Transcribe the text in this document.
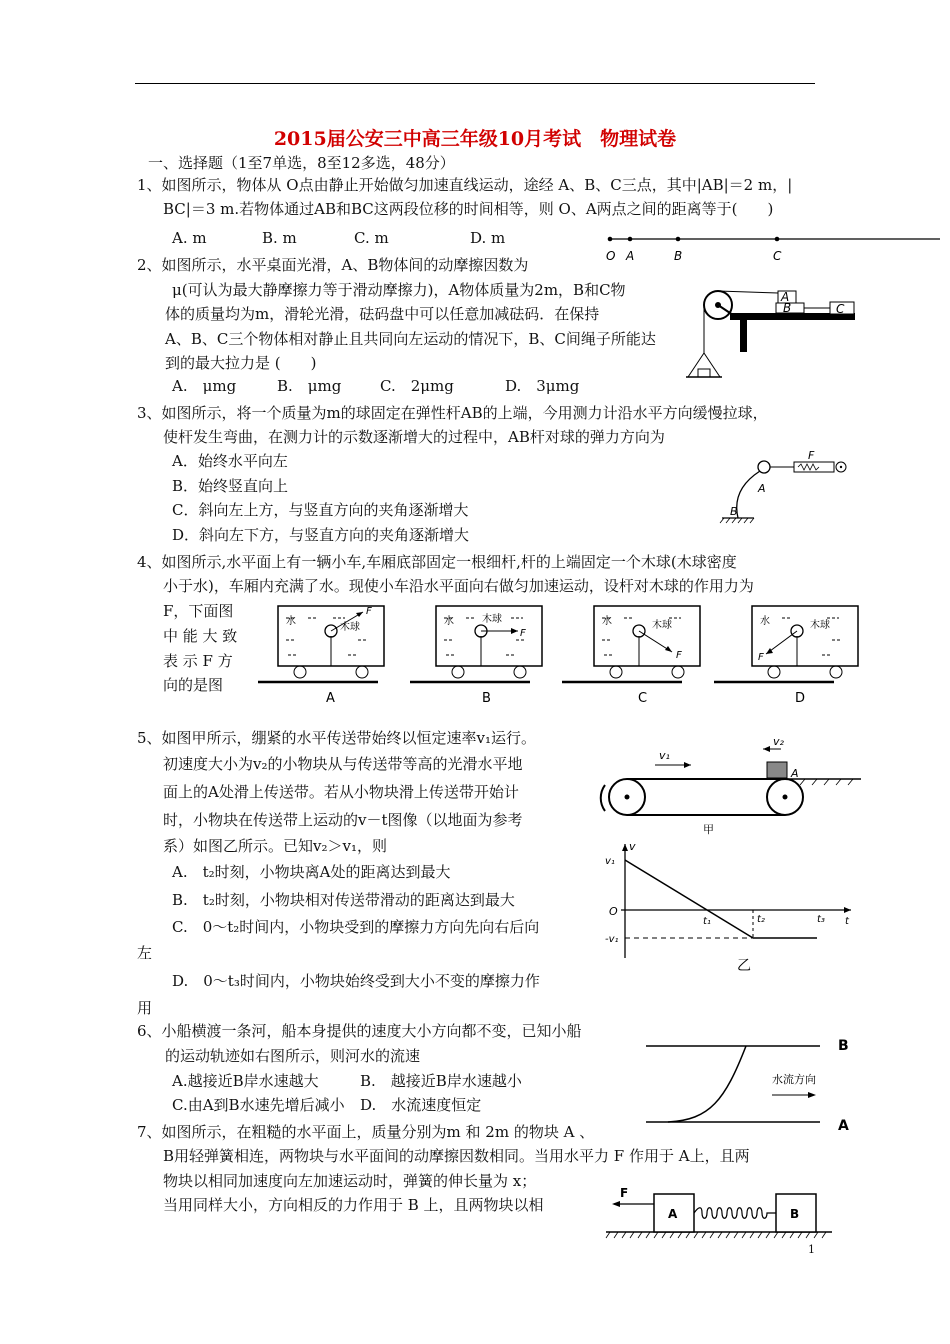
2015届公安三中高三年级10月考试　物理试卷
一、选择题（1至7单选，8至12多选，48分）
1、如图所示，物体从 O点由静止开始做匀加速直线运动，途经 A、B、C三点，其中|AB|＝2 m，|
BC|＝3 m.若物体通过AB和BC这两段位移的时间相等，则 O、A两点之间的距离等于(　　)
A. m	B. m	C. m	D. m
O A	B	C
2、如图所示，水平桌面光滑，A、B物体间的动摩擦因数为
μ(可认为最大静摩擦力等于滑动摩擦力)，A物体质量为2m，B和C物
体的质量均为m，滑轮光滑，砝码盘中可以任意加减砝码．在保持
A、B、C三个物体相对静止且共同向左运动的情况下，B、C间绳子所能达
到的最大拉力是 (　　)
A.　μmg	B.　μmg	C.　2μmg	D.　3μmg
A
B	C
3、如图所示，将一个质量为m的球固定在弹性杆AB的上端，今用测力计沿水平方向缓慢拉球，
使杆发生弯曲，在测力计的示数逐渐增大的过程中，AB杆对球的弹力方向为
A．始终水平向左
B．始终竖直向上
C．斜向左上方，与竖直方向的夹角逐渐增大
D．斜向左下方，与竖直方向的夹角逐渐增大
F
A
B
4、如图所示,水平面上有一辆小车,车厢底部固定一根细杆,杆的上端固定一个木球(木球密度
小于水)，车厢内充满了水。现使小车沿水平面向右做匀加速运动，设杆对木球的作用力为
F，下面图
中 能 大 致
表 示 F 方
向的是图
水
木球
F
水	木球
F
水	木球
F
水	木球
F
A	B	C	D
5、如图甲所示，绷紧的水平传送带始终以恒定速率v₁运行。
初速度大小为v₂的小物块从与传送带等高的光滑水平地
面上的A处滑上传送带。若从小物块滑上传送带开始计
时，小物块在传送带上运动的v－t图像（以地面为参考
系）如图乙所示。已知v₂＞v₁，则
A.　t₂时刻，小物块离A处的距离达到最大
B.　t₂时刻，小物块相对传送带滑动的距离达到最大
C.　0～t₂时间内，小物块受到的摩擦力方向先向右后向
左
D.　0～t₃时间内，小物块始终受到大小不变的摩擦力作
用
v₁
v₂
A
甲
v
v₁
O
-v₁
t₁	t₂	t₃ t
乙
6、小船横渡一条河，船本身提供的速度大小方向都不变，已知小船
的运动轨迹如右图所示，则河水的流速
A.越接近B岸水速越大	B.　越接近B岸水速越小
C.由A到B水速先增后减小 D.　水流速度恒定
B
A
水流方向
7、如图所示，在粗糙的水平面上，质量分别为m 和 2m 的物块 A 、
B用轻弹簧相连，两物块与水平面间的动摩擦因数相同。当用水平力 F 作用于 A上，且两
物块以相同加速度向左加速运动时，弹簧的伸长量为 x；
当用同样大小，方向相反的力作用于 B 上，且两物块以相
F
A	B
1
